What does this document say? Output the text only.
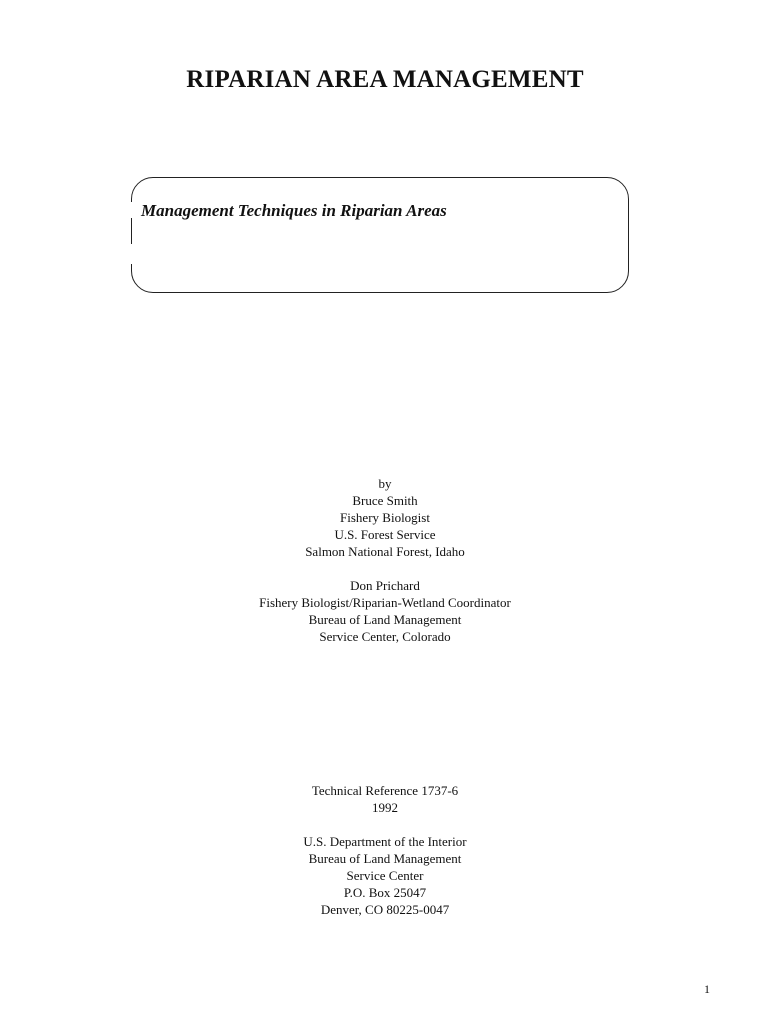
RIPARIAN AREA MANAGEMENT
Management Techniques in Riparian Areas
by
Bruce Smith
Fishery Biologist
U.S. Forest Service
Salmon National Forest, Idaho
Don Prichard
Fishery Biologist/Riparian-Wetland Coordinator
Bureau of Land Management
Service Center, Colorado
Technical Reference 1737-6
1992
U.S. Department of the Interior
Bureau of Land Management
Service Center
P.O. Box 25047
Denver, CO 80225-0047
1
